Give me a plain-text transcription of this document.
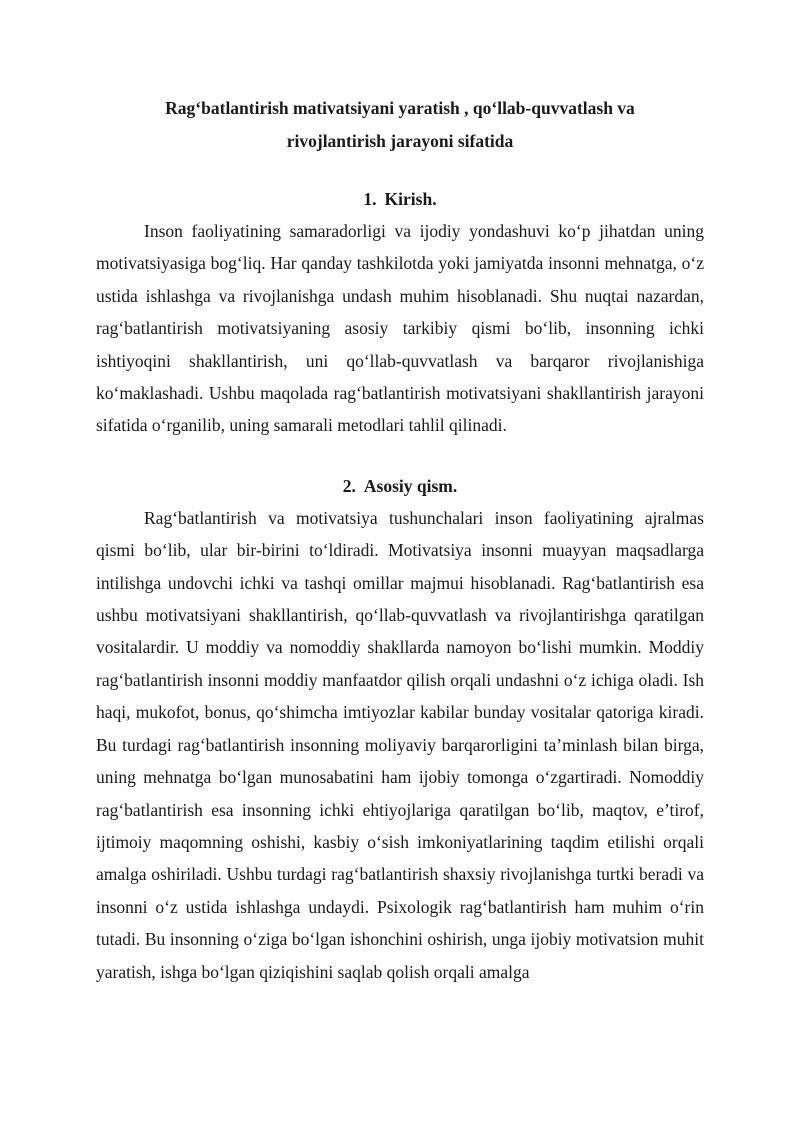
Rag‘batlantirish mativatsiyani yaratish , qo‘llab-quvvatlash va
rivojlantirish jarayoni sifatida
1. Kirish.

Inson faoliyatining samaradorligi va ijodiy yondashuvi ko‘p jihatdan uning motivatsiyasiga bog‘liq. Har qanday tashkilotda yoki jamiyatda insonni mehnatga, o‘z ustida ishlashga va rivojlanishga undash muhim hisoblanadi. Shu nuqtai nazardan, rag‘batlantirish motivatsiyaning asosiy tarkibiy qismi bo‘lib, insonning ichki ishtiyoqini shakllantirish, uni qo‘llab-quvvatlash va barqaror rivojlanishiga ko‘maklashadi. Ushbu maqolada rag‘batlantirish motivatsiyani shakllantirish jarayoni sifatida o‘rganilib, uning samarali metodlari tahlil qilinadi.

2. Asosiy qism.

Rag‘batlantirish va motivatsiya tushunchalari inson faoliyatining ajralmas qismi bo‘lib, ular bir-birini to‘ldiradi. Motivatsiya insonni muayyan maqsadlarga intilishga undovchi ichki va tashqi omillar majmui hisoblanadi. Rag‘batlantirish esa ushbu motivatsiyani shakllantirish, qo‘llab-quvvatlash va rivojlantirishga qaratilgan vositalardir. U moddiy va nomoddiy shakllarda namoyon bo‘lishi mumkin. Moddiy rag‘batlantirish insonni moddiy manfaatdor qilish orqali undashni o‘z ichiga oladi. Ish haqi, mukofot, bonus, qo‘shimcha imtiyozlar kabilar bunday vositalar qatoriga kiradi. Bu turdagi rag‘batlantirish insonning moliyaviy barqarorligini ta’minlash bilan birga, uning mehnatga bo‘lgan munosabatini ham ijobiy tomonga o‘zgartiradi. Nomoddiy rag‘batlantirish esa insonning ichki ehtiyojlariga qaratilgan bo‘lib, maqtov, e’tirof, ijtimoiy maqomning oshishi, kasbiy o‘sish imkoniyatlarining taqdim etilishi orqali amalga oshiriladi. Ushbu turdagi rag‘batlantirish shaxsiy rivojlanishga turtki beradi va insonni o‘z ustida ishlashga undaydi. Psixologik rag‘batlantirish ham muhim o‘rin tutadi. Bu insonning o‘ziga bo‘lgan ishonchini oshirish, unga ijobiy motivatsion muhit yaratish, ishga bo‘lgan qiziqishini saqlab qolish orqali amalga
